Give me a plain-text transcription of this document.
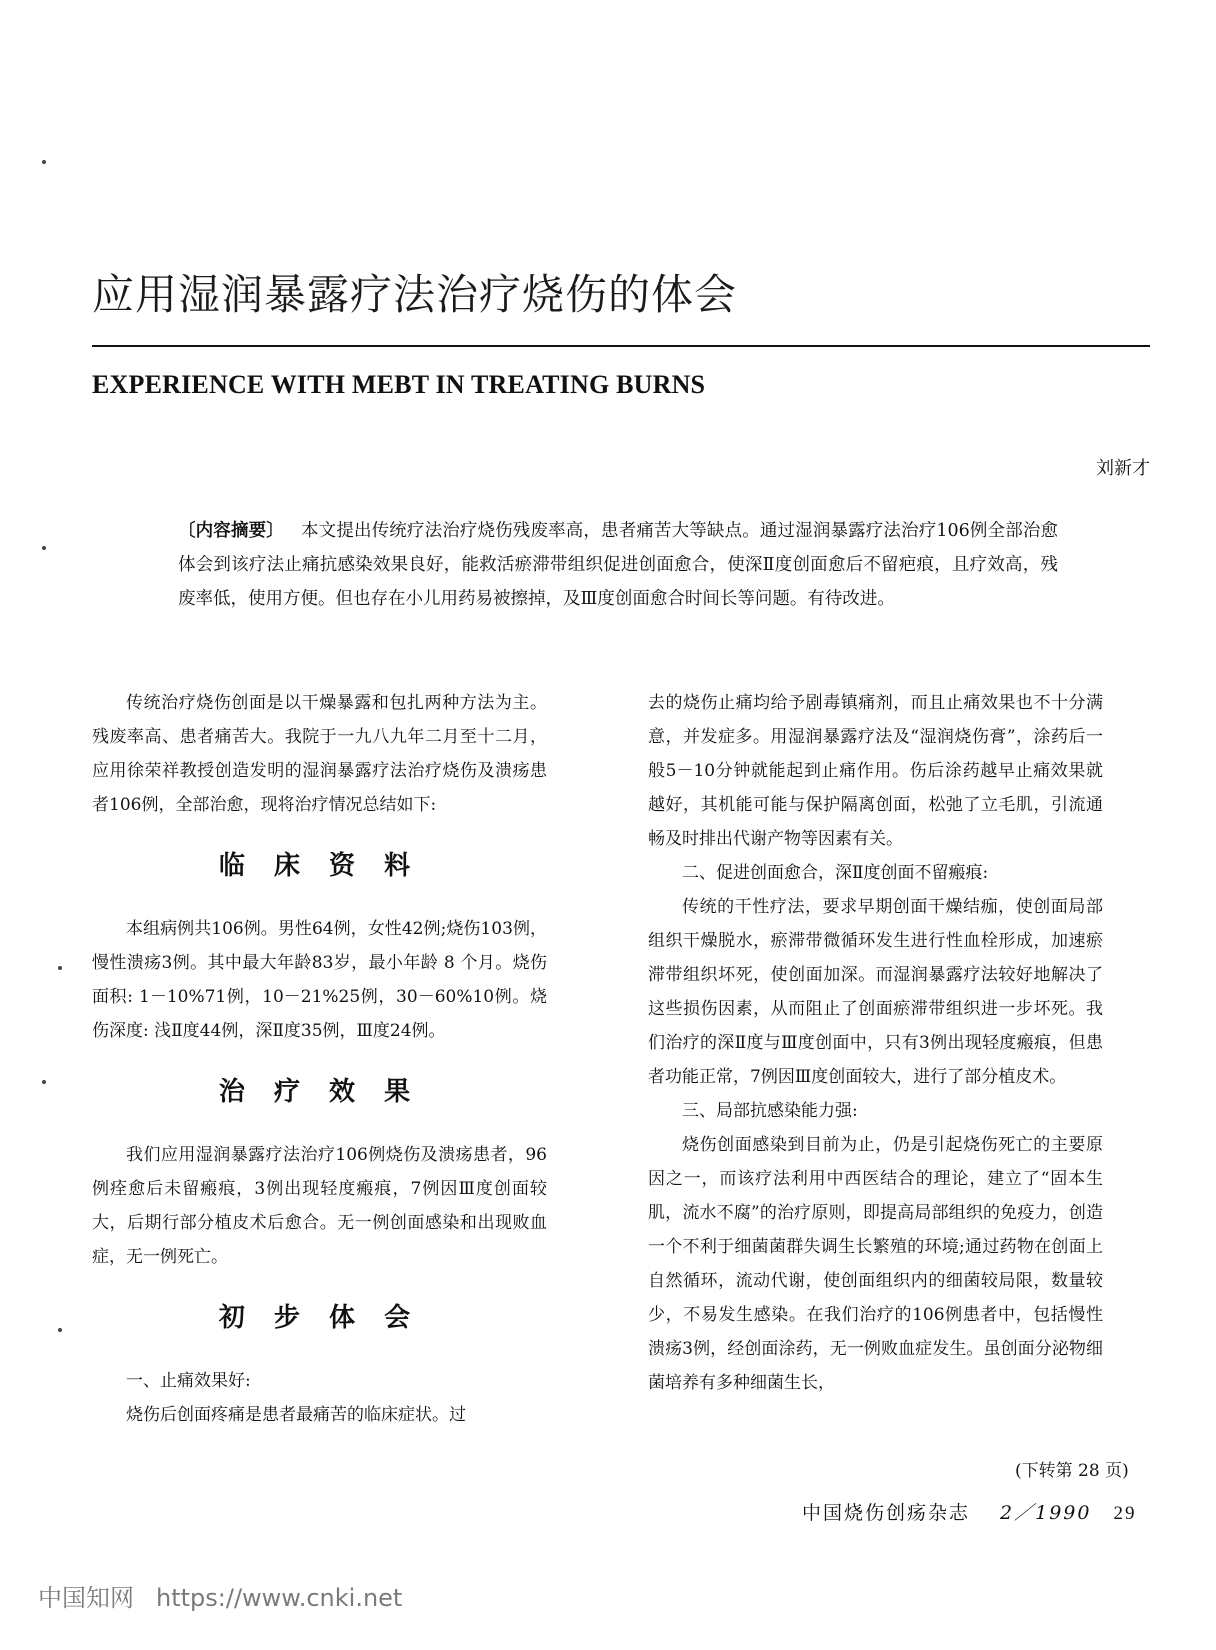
应用湿润暴露疗法治疗烧伤的体会
EXPERIENCE WITH MEBT IN TREATING BURNS
刘新才

〔内容摘要〕 本文提出传统疗法治疗烧伤残废率高，患者痛苦大等缺点。通过湿润暴露疗法治疗106例全部治愈体会到该疗法止痛抗感染效果良好，能救活瘀滞带组织促进创面愈合，使深Ⅱ度创面愈后不留疤痕，且疗效高，残废率低，使用方便。但也存在小儿用药易被擦掉，及Ⅲ度创面愈合时间长等问题。有待改进。

传统治疗烧伤创面是以干燥暴露和包扎两种方法为主。残废率高、患者痛苦大。我院于一九八九年二月至十二月，应用徐荣祥教授创造发明的湿润暴露疗法治疗烧伤及溃疡患者106例，全部治愈，现将治疗情况总结如下:

临 床 资 料

本组病例共106例。男性64例，女性42例;烧伤103例，慢性溃疡3例。其中最大年龄83岁，最小年龄 8 个月。烧伤面积: 1－10%71例，10－21%25例，30－60%10例。烧伤深度: 浅Ⅱ度44例，深Ⅱ度35例，Ⅲ度24例。

治 疗 效 果

我们应用湿润暴露疗法治疗106例烧伤及溃疡患者，96例痊愈后未留瘢痕，3例出现轻度瘢痕，7例因Ⅲ度创面较大，后期行部分植皮术后愈合。无一例创面感染和出现败血症，无一例死亡。

初 步 体 会

一、止痛效果好:

烧伤后创面疼痛是患者最痛苦的临床症状。过

去的烧伤止痛均给予剧毒镇痛剂，而且止痛效果也不十分满意，并发症多。用湿润暴露疗法及“湿润烧伤膏”，涂药后一般5－10分钟就能起到止痛作用。伤后涂药越早止痛效果就越好，其机能可能与保护隔离创面，松弛了立毛肌，引流通畅及时排出代谢产物等因素有关。

二、促进创面愈合，深Ⅱ度创面不留瘢痕:

传统的干性疗法，要求早期创面干燥结痂，使创面局部组织干燥脱水，瘀滞带微循环发生进行性血栓形成，加速瘀滞带组织坏死，使创面加深。而湿润暴露疗法较好地解决了这些损伤因素，从而阻止了创面瘀滞带组织进一步坏死。我们治疗的深Ⅱ度与Ⅲ度创面中，只有3例出现轻度瘢痕，但患者功能正常，7例因Ⅲ度创面较大，进行了部分植皮术。

三、局部抗感染能力强:

烧伤创面感染到目前为止，仍是引起烧伤死亡的主要原因之一，而该疗法利用中西医结合的理论，建立了“固本生肌，流水不腐”的治疗原则，即提高局部组织的免疫力，创造一个不利于细菌菌群失调生长繁殖的环境;通过药物在创面上自然循环，流动代谢，使创面组织内的细菌较局限，数量较少，不易发生感染。在我们治疗的106例患者中，包括慢性溃疡3例，经创面涂药，无一例败血症发生。虽创面分泌物细菌培养有多种细菌生长，

(下转第 28 页)
中国烧伤创疡杂志 2／1990 29
中国知网 https://www.cnki.net
